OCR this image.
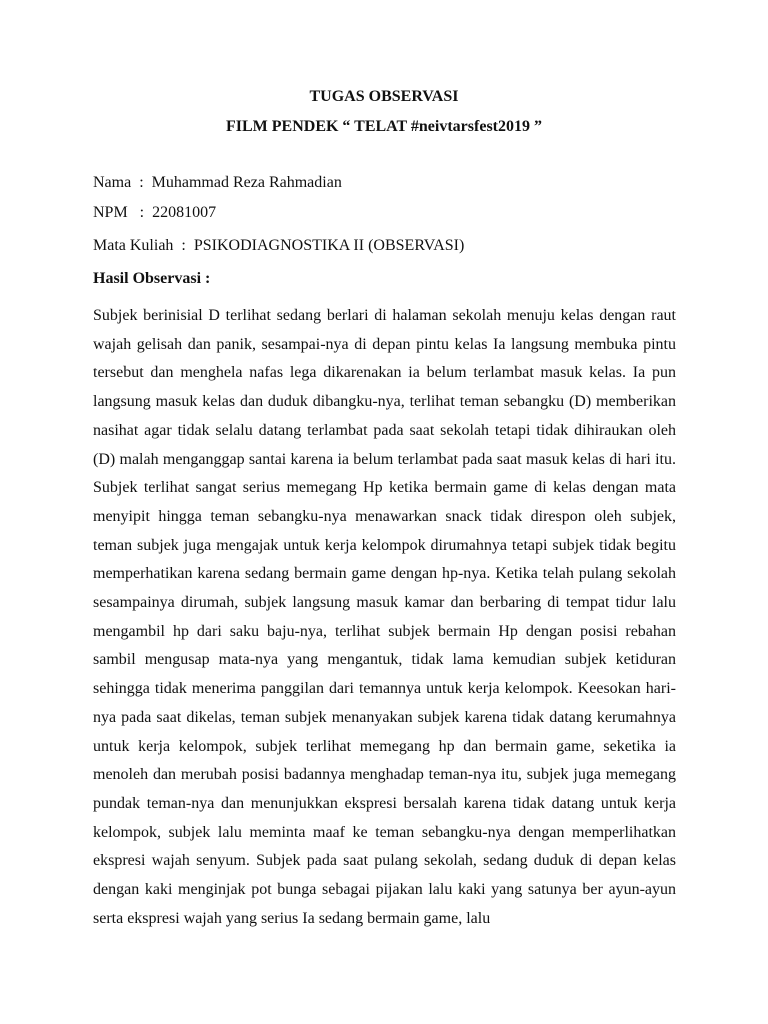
TUGAS OBSERVASI

FILM PENDEK “ TELAT #neivtarsfest2019 ”

Nama  :  Muhammad Reza Rahmadian

NPM   :  22081007

Mata Kuliah  :  PSIKODIAGNOSTIKA II (OBSERVASI)

Hasil Observasi :

Subjek berinisial D terlihat sedang berlari di halaman sekolah menuju kelas dengan raut wajah gelisah dan panik, sesampai-nya di depan pintu kelas Ia langsung membuka pintu tersebut dan menghela nafas lega dikarenakan ia belum terlambat masuk kelas. Ia pun langsung masuk kelas dan duduk dibangku-nya, terlihat teman sebangku (D) memberikan nasihat agar tidak selalu datang terlambat pada saat sekolah tetapi tidak dihiraukan oleh (D) malah menganggap santai karena ia belum terlambat pada saat masuk kelas di hari itu. Subjek terlihat sangat serius memegang Hp ketika bermain game di kelas dengan mata menyipit hingga teman sebangku-nya menawarkan snack tidak direspon oleh subjek, teman subjek juga mengajak untuk kerja kelompok dirumahnya tetapi subjek tidak begitu memperhatikan karena sedang bermain game dengan hp-nya. Ketika telah pulang sekolah sesampainya dirumah, subjek langsung masuk kamar dan berbaring di tempat tidur lalu mengambil hp dari saku baju-nya, terlihat subjek bermain Hp dengan posisi rebahan sambil mengusap mata-nya yang mengantuk, tidak lama kemudian subjek ketiduran sehingga tidak menerima panggilan dari temannya untuk kerja kelompok. Keesokan hari-nya pada saat dikelas, teman subjek menanyakan subjek karena tidak datang kerumahnya untuk kerja kelompok, subjek terlihat memegang hp dan bermain game, seketika ia menoleh dan merubah posisi badannya menghadap teman-nya itu, subjek juga memegang pundak teman-nya dan menunjukkan ekspresi bersalah karena tidak datang untuk kerja kelompok, subjek lalu meminta maaf ke teman sebangku-nya dengan memperlihatkan ekspresi wajah senyum. Subjek pada saat pulang sekolah, sedang duduk di depan kelas dengan kaki menginjak pot bunga sebagai pijakan lalu kaki yang satunya ber ayun-ayun serta ekspresi wajah yang serius Ia sedang bermain game, lalu
